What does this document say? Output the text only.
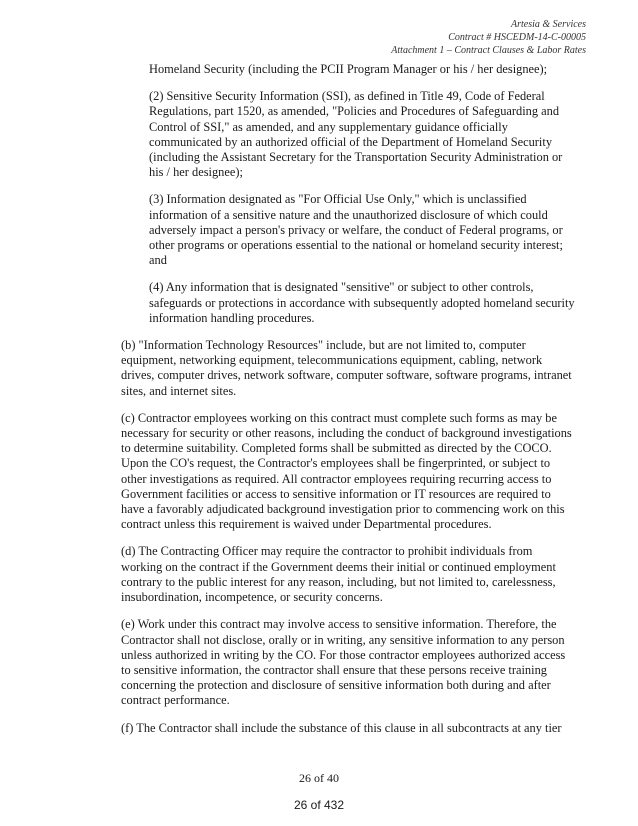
Artesia & Services
Contract # HSCEDM-14-C-00005
Attachment 1 – Contract Clauses & Labor Rates

Homeland Security (including the PCII Program Manager or his / her designee);

(2) Sensitive Security Information (SSI), as defined in Title 49, Code of Federal Regulations, part 1520, as amended, "Policies and Procedures of Safeguarding and Control of SSI," as amended, and any supplementary guidance officially communicated by an authorized official of the Department of Homeland Security (including the Assistant Secretary for the Transportation Security Administration or his / her designee);

(3) Information designated as "For Official Use Only," which is unclassified information of a sensitive nature and the unauthorized disclosure of which could adversely impact a person's privacy or welfare, the conduct of Federal programs, or other programs or operations essential to the national or homeland security interest; and

(4) Any information that is designated "sensitive" or subject to other controls, safeguards or protections in accordance with subsequently adopted homeland security information handling procedures.

(b) "Information Technology Resources" include, but are not limited to, computer equipment, networking equipment, telecommunications equipment, cabling, network drives, computer drives, network software, computer software, software programs, intranet sites, and internet sites.

(c) Contractor employees working on this contract must complete such forms as may be necessary for security or other reasons, including the conduct of background investigations to determine suitability. Completed forms shall be submitted as directed by the COCO. Upon the CO's request, the Contractor's employees shall be fingerprinted, or subject to other investigations as required. All contractor employees requiring recurring access to Government facilities or access to sensitive information or IT resources are required to have a favorably adjudicated background investigation prior to commencing work on this contract unless this requirement is waived under Departmental procedures.

(d) The Contracting Officer may require the contractor to prohibit individuals from working on the contract if the Government deems their initial or continued employment contrary to the public interest for any reason, including, but not limited to, carelessness, insubordination, incompetence, or security concerns.

(e) Work under this contract may involve access to sensitive information. Therefore, the Contractor shall not disclose, orally or in writing, any sensitive information to any person unless authorized in writing by the CO. For those contractor employees authorized access to sensitive information, the contractor shall ensure that these persons receive training concerning the protection and disclosure of sensitive information both during and after contract performance.

(f) The Contractor shall include the substance of this clause in all subcontracts at any tier

26 of 40
26 of 432
